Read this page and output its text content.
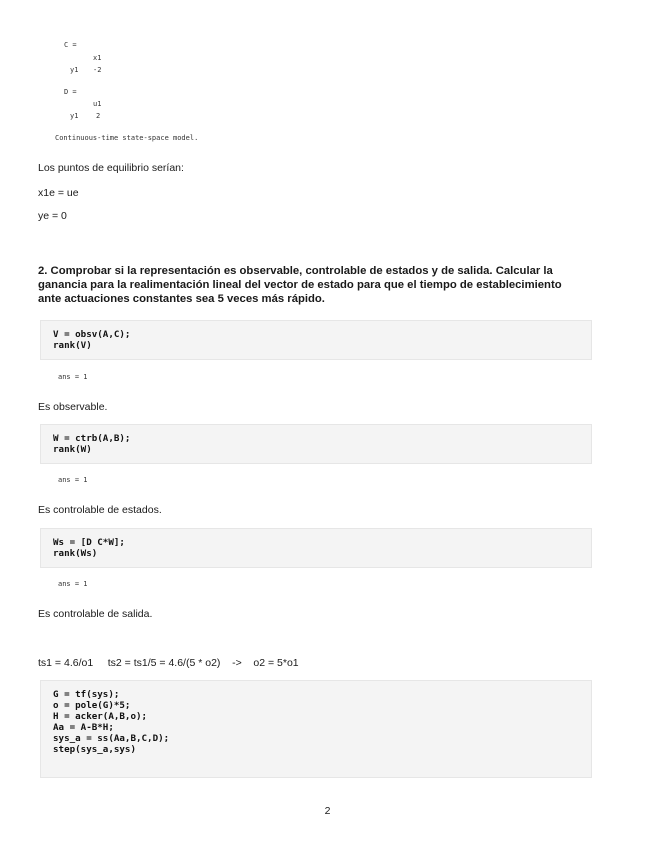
C =
x1
y1 -2
D =
u1
y1	2
Continuous-time state-space model.
Los puntos de equilibrio serían:
x1e = ue
ye = 0
2. Comprobar si la representación es observable, controlable de estados y de salida. Calcular la ganancia para la realimentación lineal del vector de estado para que el tiempo de establecimiento ante actuaciones constantes sea 5 veces más rápido.
V = obsv(A,C);
rank(V)
ans = 1
Es observable.
W = ctrb(A,B);
rank(W)
ans = 1
Es controlable de estados.
Ws = [D C*W];
rank(Ws)
ans = 1
Es controlable de salida.
ts1 = 4.6/o1     ts2 = ts1/5 = 4.6/(5 * o2)    ->    o2 = 5*o1
G = tf(sys);
o = pole(G)*5;
H = acker(A,B,o);
Aa = A-B*H;
sys_a = ss(Aa,B,C,D);
step(sys_a,sys)
2
